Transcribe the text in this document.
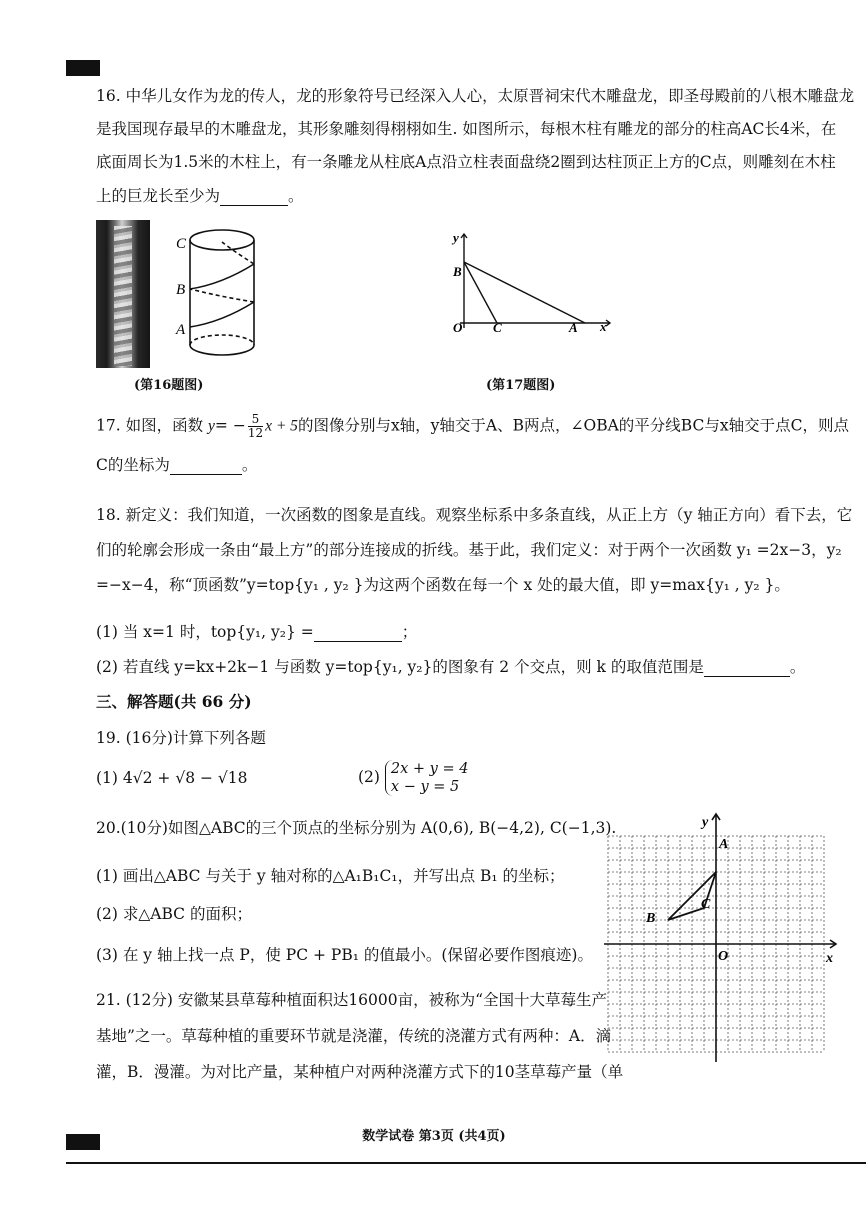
16. 中华儿女作为龙的传人，龙的形象符号已经深入人心，太原晋祠宋代木雕盘龙，即圣母殿前的八根木雕盘龙
是我国现存最早的木雕盘龙，其形象雕刻得栩栩如生. 如图所示，每根木柱有雕龙的部分的柱高AC长4米，在
底面周长为1.5米的木柱上，有一条雕龙从柱底A点沿立柱表面盘绕2圈到达柱顶正上方的C点，则雕刻在木柱
上的巨龙长至少为	。
C
B
A
(第16题图)
y
x
O
B
C	A
(第17题图)
17. 如图，函数 $y= - \frac{5}{12}$ x + 5的图像分别与x轴，y轴交于A、B两点，∠OBA的平分线BC与x轴交于点C，则点
C的坐标为	。
18. 新定义：我们知道，一次函数的图象是直线。观察坐标系中多条直线，从正上方（y 轴正方向）看下去，它
们的轮廓会形成一条由“最上方”的部分连接成的折线。基于此，我们定义：对于两个一次函数 y₁ =2x−3，y₂
=−x−4，称“顶函数”y=top{y₁ , y₂ }为这两个函数在每一个 x 处的最大值，即 y=max{y₁ , y₂ }。
(1) 当 x=1 时，top{y₁, y₂} =	；
(2) 若直线 y=kx+2k−1 与函数 y=top{y₁, y₂}的图象有 2 个交点，则 k 的取值范围是	。
三、解答题(共 66 分)
19. (16分)计算下列各题
(1) 4√2 + √8 − √18	(2) 2x + y = 4
x − y = 5
20.(10分)如图△ABC的三个顶点的坐标分别为 A(0,6), B(−4,2), C(−1,3).
(1) 画出△ABC 与关于 y 轴对称的△A₁B₁C₁，并写出点 B₁ 的坐标；
(2) 求△ABC 的面积；
(3) 在 y 轴上找一点 P，使 PC + PB₁ 的值最小。(保留必要作图痕迹)。
y
x
O
A
B
C
21. (12分) 安徽某县草莓种植面积达16000亩，被称为“全国十大草莓生产
基地”之一。草莓种植的重要环节就是浇灌，传统的浇灌方式有两种：A．滴
灌，B．漫灌。为对比产量，某种植户对两种浇灌方式下的10茎草莓产量（单
数学试卷 第3页 (共4页)
